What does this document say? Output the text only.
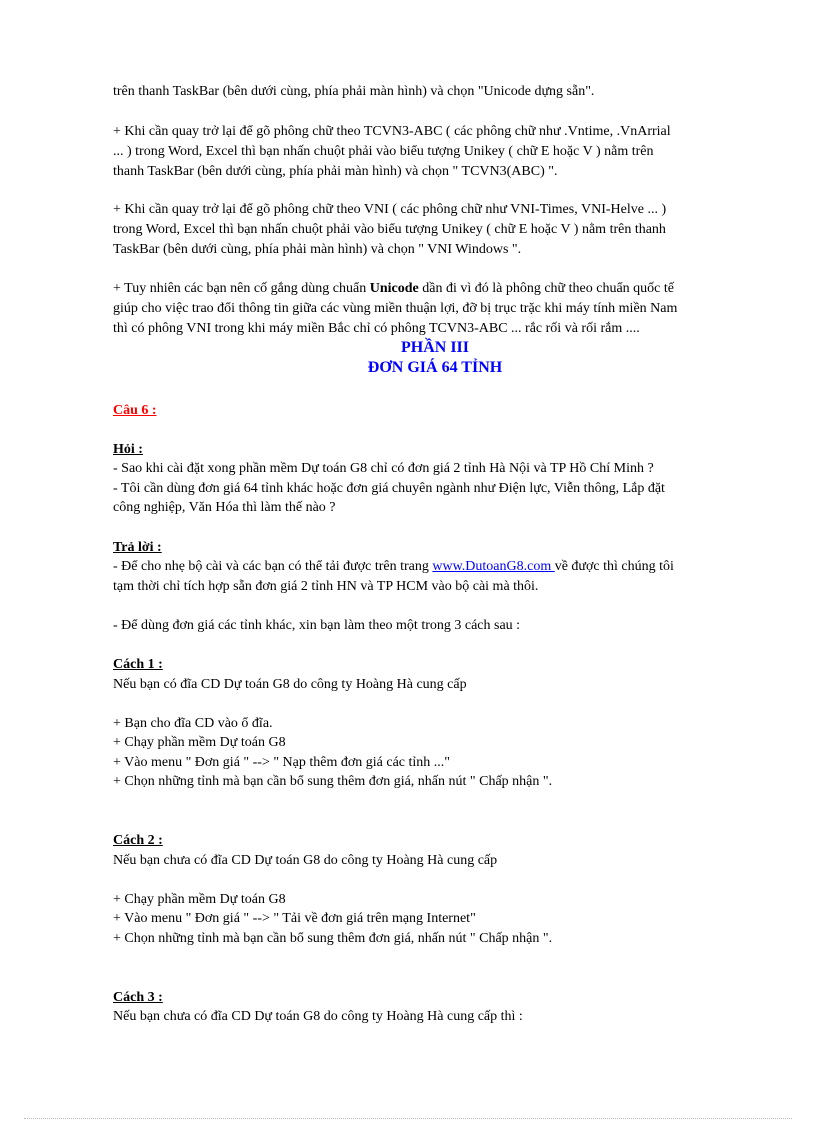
trên thanh TaskBar (bên dưới cùng, phía phải màn hình) và chọn "Unicode dựng sẵn".

+ Khi cần quay trở lại để gõ phông chữ theo TCVN3-ABC ( các phông chữ như .Vntime, .VnArrial

... ) trong Word, Excel thì bạn nhấn chuột phải vào biểu tượng Unikey ( chữ E hoặc V ) nằm trên

thanh TaskBar (bên dưới cùng, phía phải màn hình) và chọn " TCVN3(ABC) ".

+ Khi cần quay trở lại để gõ phông chữ theo VNI ( các phông chữ như VNI-Times, VNI-Helve ... )

trong Word, Excel thì bạn nhấn chuột phải vào biểu tượng Unikey ( chữ E hoặc V ) nằm trên thanh

TaskBar (bên dưới cùng, phía phải màn hình) và chọn " VNI Windows ".

+ Tuy nhiên các bạn nên cố gắng dùng chuẩn Unicode dần đi vì đó là phông chữ theo chuẩn quốc tế

giúp cho việc trao đổi thông tin giữa các vùng miền thuận lợi, đỡ bị trục trặc khi máy tính miền Nam

thì có phông VNI trong khi máy miền Bắc chỉ có phông TCVN3-ABC ... rắc rối và rối rắm ....

PHẦN III

ĐƠN GIÁ 64 TỈNH

Câu 6 :

Hỏi :

- Sao khi cài đặt xong phần mềm Dự toán G8 chỉ có đơn giá 2 tỉnh Hà Nội và TP Hồ Chí Minh ?

- Tôi cần dùng đơn giá 64 tỉnh khác hoặc đơn giá chuyên ngành như Điện lực, Viễn thông, Lắp đặt

công nghiệp, Văn Hóa thì làm thế nào ?

Trả lời :

- Để cho nhẹ bộ cài và các bạn có thể tải được trên trang www.DutoanG8.com về được thì chúng tôi

tạm thời chỉ tích hợp sẵn đơn giá 2 tỉnh HN và TP HCM vào bộ cài mà thôi.

- Để dùng đơn giá các tỉnh khác, xin bạn làm theo một trong 3 cách sau :

Cách 1 :

Nếu bạn có đĩa CD Dự toán G8 do công ty Hoàng Hà cung cấp

+ Bạn cho đĩa CD vào ổ đĩa.

+ Chạy phần mềm Dự toán G8

+ Vào menu " Đơn giá " --> " Nạp thêm đơn giá các tỉnh ..."

+ Chọn những tỉnh mà bạn cần bổ sung thêm đơn giá, nhấn nút " Chấp nhận ".

Cách 2 :

Nếu bạn chưa có đĩa CD Dự toán G8 do công ty Hoàng Hà cung cấp

+ Chạy phần mềm Dự toán G8

+ Vào menu " Đơn giá " --> " Tải về đơn giá trên mạng Internet"

+ Chọn những tỉnh mà bạn cần bổ sung thêm đơn giá, nhấn nút " Chấp nhận ".

Cách 3 :

Nếu bạn chưa có đĩa CD Dự toán G8 do công ty Hoàng Hà cung cấp thì :
